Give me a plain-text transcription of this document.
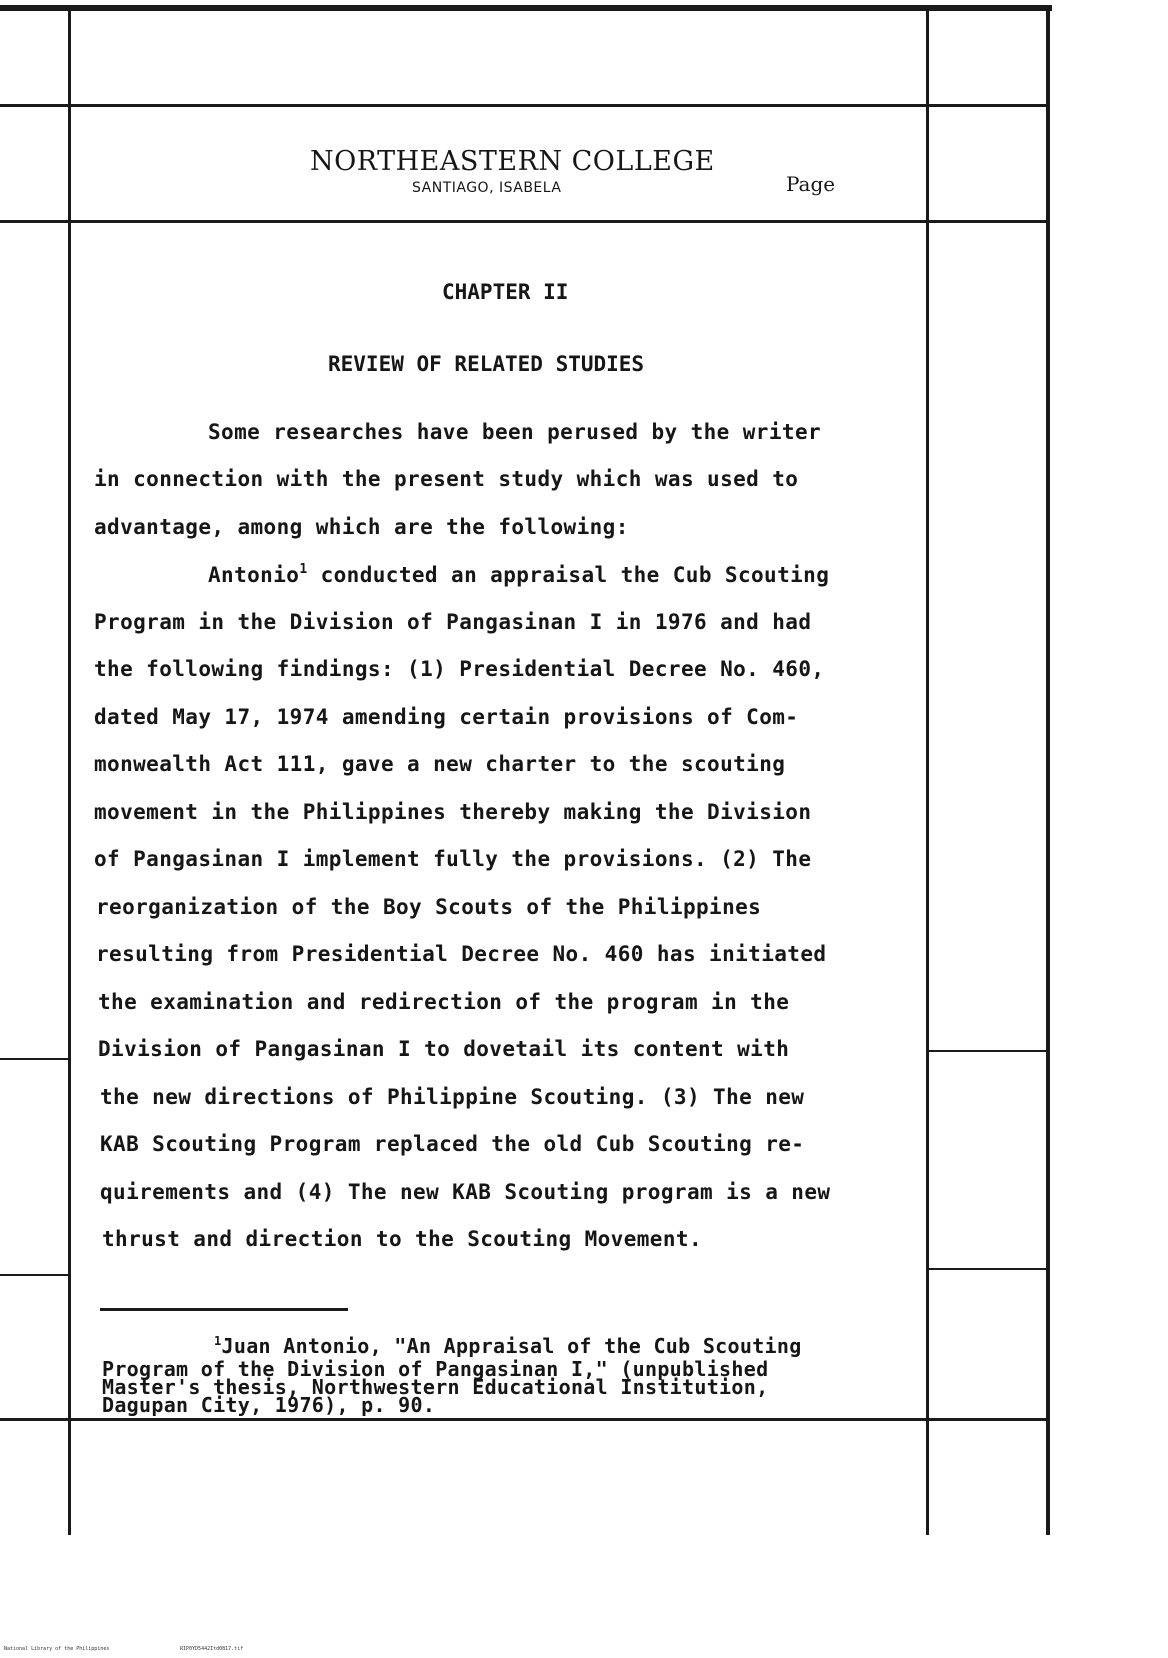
NORTHEASTERN COLLEGE
SANTIAGO, ISABELA	Page
CHAPTER II
REVIEW OF RELATED STUDIES
Some researches have been perused by the writer
in connection with the present study which was used to
advantage, among which are the following:
Antonio$^1$ conducted an appraisal the Cub Scouting
Program in the Division of Pangasinan I in 1976 and had
the following findings: (1) Presidential Decree No. 460,
dated May 17, 1974 amending certain provisions of Com-
monwealth Act 111, gave a new charter to the scouting
movement in the Philippines thereby making the Division
of Pangasinan I implement fully the provisions. (2) The
reorganization of the Boy Scouts of the Philippines
resulting from Presidential Decree No. 460 has initiated
the examination and redirection of the program in the
Division of Pangasinan I to dovetail its content with
the new directions of Philippine Scouting. (3) The new
KAB Scouting Program replaced the old Cub Scouting re-
quirements and (4) The new KAB Scouting program is a new
thrust and direction to the Scouting Movement.
$^1$Juan Antonio, "An Appraisal of the Cub Scouting
Program of the Division of Pangasinan I," (unpublished
Master's thesis, Northwestern Educational Institution,
Dagupan City, 1976), p. 90.
National Library of the Philippines	RIP0YD5442Itd0817.tif
